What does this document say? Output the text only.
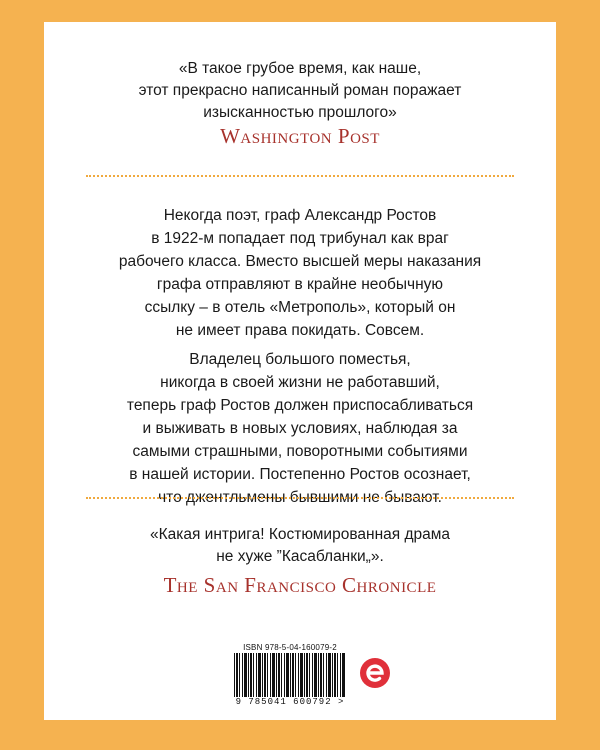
«В такое грубое время, как наше,
этот прекрасно написанный роман поражает
изысканностью прошлого»
Washington Post

Некогда поэт, граф Александр Ростов
в 1922-м попадает под трибунал как враг
рабочего класса. Вместо высшей меры наказания
графа отправляют в крайне необычную
ссылку – в отель «Метрополь», который он
не имеет права покидать. Совсем.

Владелец большого поместья,
никогда в своей жизни не работавший,
теперь граф Ростов должен приспосабливаться
и выживать в новых условиях, наблюдая за
самыми страшными, поворотными событиями
в нашей истории. Постепенно Ростов осознает,
что джентльмены бывшими не бывают.

«Какая интрига! Костюмированная драма
не хуже ”Касабланки„».
The San Francisco Chronicle
ISBN 978-5-04-160079-2
9 785041 600792 >
